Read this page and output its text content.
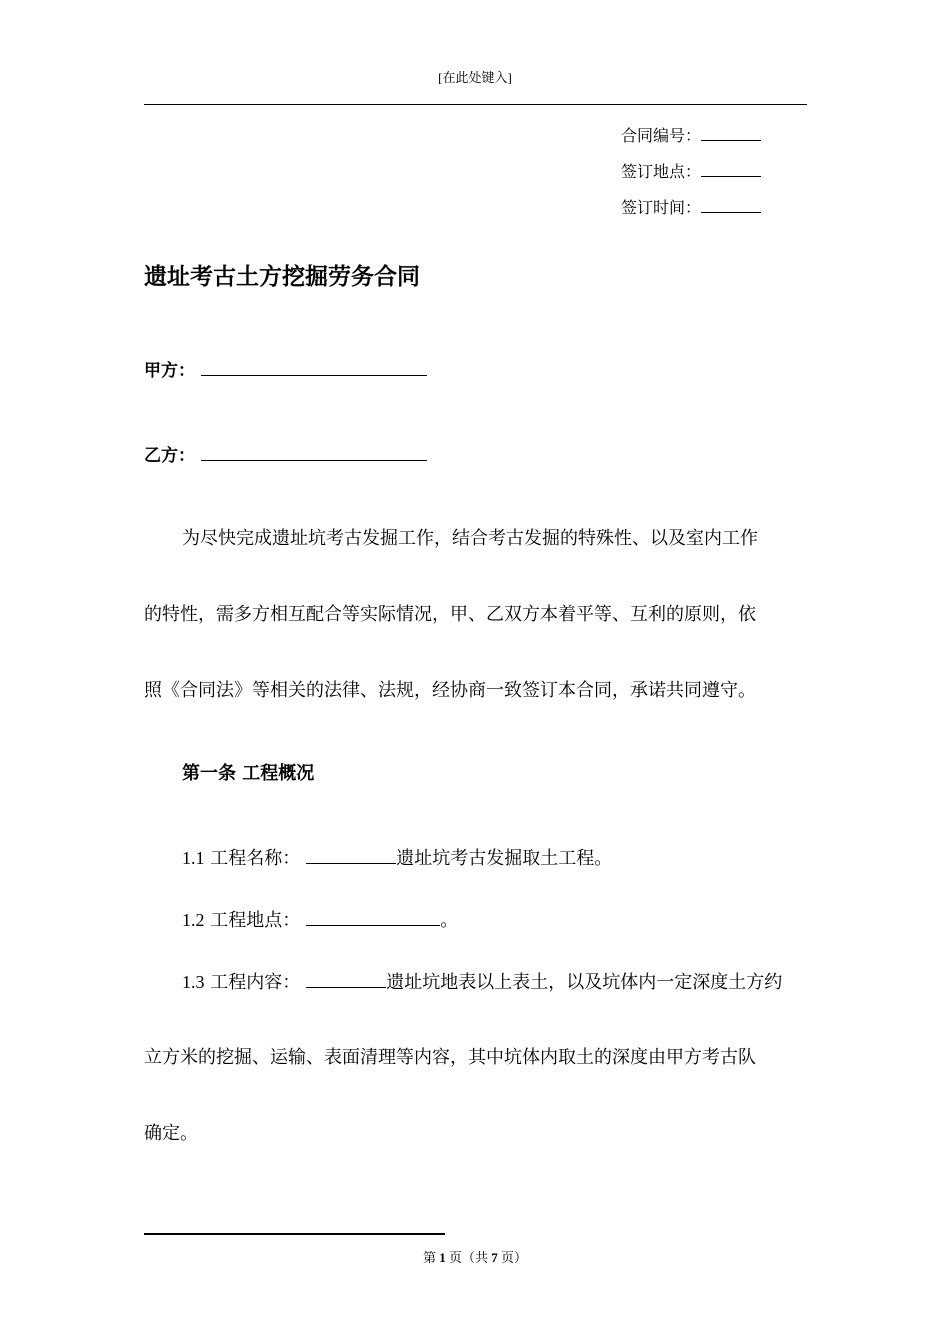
[在此处键入]
合同编号：
签订地点：
签订时间：
遗址考古土方挖掘劳务合同
甲方：
乙方：
为尽快完成遗址坑考古发掘工作，结合考古发掘的特殊性、以及室内工作
的特性，需多方相互配合等实际情况，甲、乙双方本着平等、互利的原则，依
照《合同法》等相关的法律、法规，经协商一致签订本合同，承诺共同遵守。
第一条 工程概况
1.1 工程名称：	遗址坑考古发掘取土工程。
1.2 工程地点：	。
1.3 工程内容：	遗址坑地表以上表土，以及坑体内一定深度土方约
立方米的挖掘、运输、表面清理等内容，其中坑体内取土的深度由甲方考古队
确定。
第 1 页（共 7 页）
